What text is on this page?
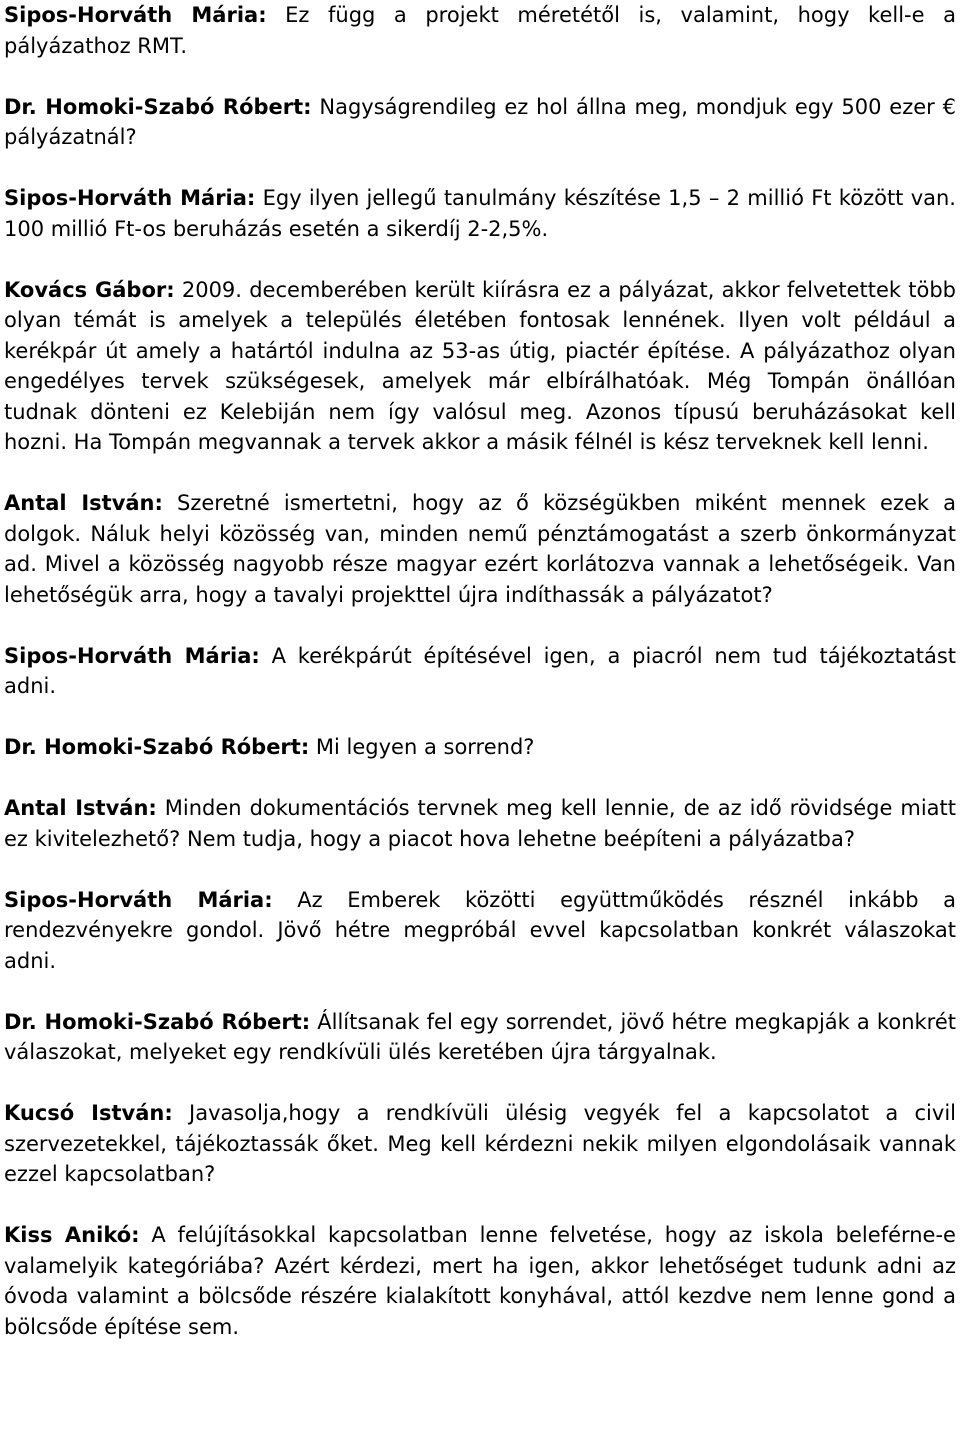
Sipos-Horváth Mária: Ez függ a projekt méretétől is, valamint, hogy kell-e a pályázathoz RMT.

Dr. Homoki-Szabó Róbert: Nagyságrendileg ez hol állna meg, mondjuk egy 500 ezer € pályázatnál?

Sipos-Horváth Mária: Egy ilyen jellegű tanulmány készítése 1,5 – 2 millió Ft között van. 100 millió Ft-os beruházás esetén a sikerdíj 2-2,5%.

Kovács Gábor: 2009. decemberében került kiírásra ez a pályázat, akkor felvetettek több olyan témát is amelyek a település életében fontosak lennének. Ilyen volt például a kerékpár út amely a határtól indulna az 53-as útig, piactér építése. A pályázathoz olyan engedélyes tervek szükségesek, amelyek már elbírálhatóak. Még Tompán önállóan tudnak dönteni ez Kelebiján nem így valósul meg. Azonos típusú beruházásokat kell hozni. Ha Tompán megvannak a tervek akkor a másik félnél is kész terveknek kell lenni.

Antal István: Szeretné ismertetni, hogy az ő községükben miként mennek ezek a dolgok. Náluk helyi közösség van, minden nemű pénztámogatást a szerb önkormányzat ad. Mivel a közösség nagyobb része magyar ezért korlátozva vannak a lehetőségeik. Van lehetőségük arra, hogy a tavalyi projekttel újra indíthassák a pályázatot?

Sipos-Horváth Mária: A kerékpárút építésével igen, a piacról nem tud tájékoztatást adni.

Dr. Homoki-Szabó Róbert: Mi legyen a sorrend?

Antal István: Minden dokumentációs tervnek meg kell lennie, de az idő rövidsége miatt ez kivitelezhető? Nem tudja, hogy a piacot hova lehetne beépíteni a pályázatba?

Sipos-Horváth Mária: Az Emberek közötti együttműködés résznél inkább a rendezvényekre gondol. Jövő hétre megpróbál evvel kapcsolatban konkrét válaszokat adni.

Dr. Homoki-Szabó Róbert: Állítsanak fel egy sorrendet, jövő hétre megkapják a konkrét válaszokat, melyeket egy rendkívüli ülés keretében újra tárgyalnak.

Kucsó István: Javasolja,hogy a rendkívüli ülésig vegyék fel a kapcsolatot a civil szervezetekkel, tájékoztassák őket. Meg kell kérdezni nekik milyen elgondolásaik vannak ezzel kapcsolatban?

Kiss Anikó: A felújításokkal kapcsolatban lenne felvetése, hogy az iskola beleférne-e valamelyik kategóriába? Azért kérdezi, mert ha igen, akkor lehetőséget tudunk adni az óvoda valamint a bölcsőde részére kialakított konyhával, attól kezdve nem lenne gond a bölcsőde építése sem.
